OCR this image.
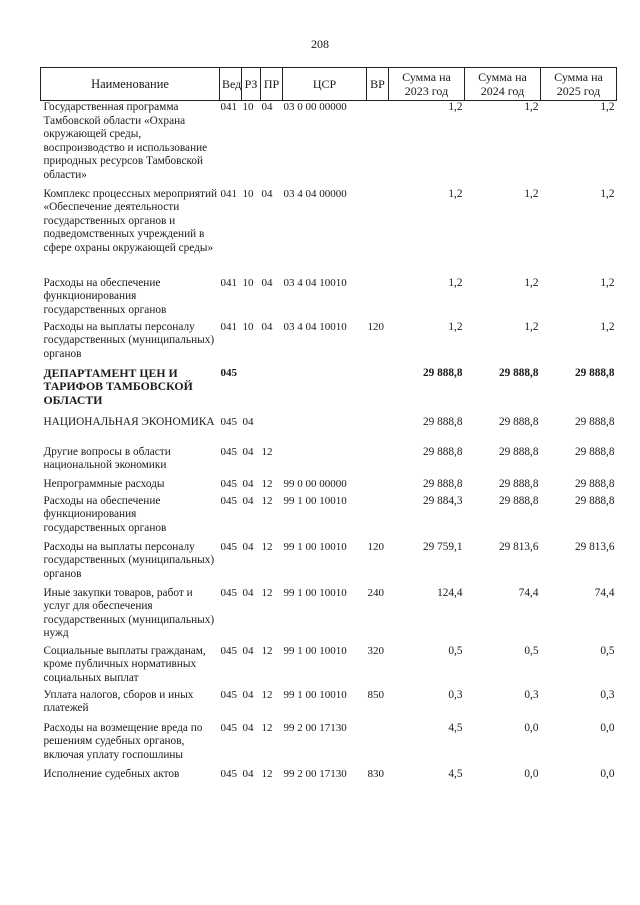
208
Наименование	Вед	РЗ	ПР	ЦСР	ВР	Сумма на 2023 год	Сумма на 2024 год	Сумма на 2025 год
Государственная программа Тамбовской области «Охрана окружающей среды, воспроизводство и использование природных ресурсов Тамбовской области»	041	10	04	03 0 00 00000		1,2	1,2	1,2
Комплекс процессных мероприятий «Обеспечение деятельности государственных органов и подведомственных учреждений в сфере охраны окружающей среды»	041	10	04	03 4 04 00000		1,2	1,2	1,2
Расходы на обеспечение функционирования государственных органов	041	10	04	03 4 04 10010		1,2	1,2	1,2
Расходы на выплаты персоналу государственных (муниципальных) органов	041	10	04	03 4 04 10010	120	1,2	1,2	1,2
ДЕПАРТАМЕНТ ЦЕН И ТАРИФОВ ТАМБОВСКОЙ ОБЛАСТИ	045					29 888,8	29 888,8	29 888,8
НАЦИОНАЛЬНАЯ ЭКОНОМИКА	045	04				29 888,8	29 888,8	29 888,8
Другие вопросы в области национальной экономики	045	04	12			29 888,8	29 888,8	29 888,8
Непрограммные расходы	045	04	12	99 0 00 00000		29 888,8	29 888,8	29 888,8
Расходы на обеспечение функционирования государственных органов	045	04	12	99 1 00 10010		29 884,3	29 888,8	29 888,8
Расходы на выплаты персоналу государственных (муниципальных) органов	045	04	12	99 1 00 10010	120	29 759,1	29 813,6	29 813,6
Иные закупки товаров, работ и услуг для обеспечения государственных (муниципальных) нужд	045	04	12	99 1 00 10010	240	124,4	74,4	74,4
Социальные выплаты гражданам, кроме публичных нормативных социальных выплат	045	04	12	99 1 00 10010	320	0,5	0,5	0,5
Уплата налогов, сборов и иных платежей	045	04	12	99 1 00 10010	850	0,3	0,3	0,3
Расходы на возмещение вреда по решениям судебных органов, включая уплату госпошлины	045	04	12	99 2 00 17130		4,5	0,0	0,0
Исполнение судебных актов	045	04	12	99 2 00 17130	830	4,5	0,0	0,0
